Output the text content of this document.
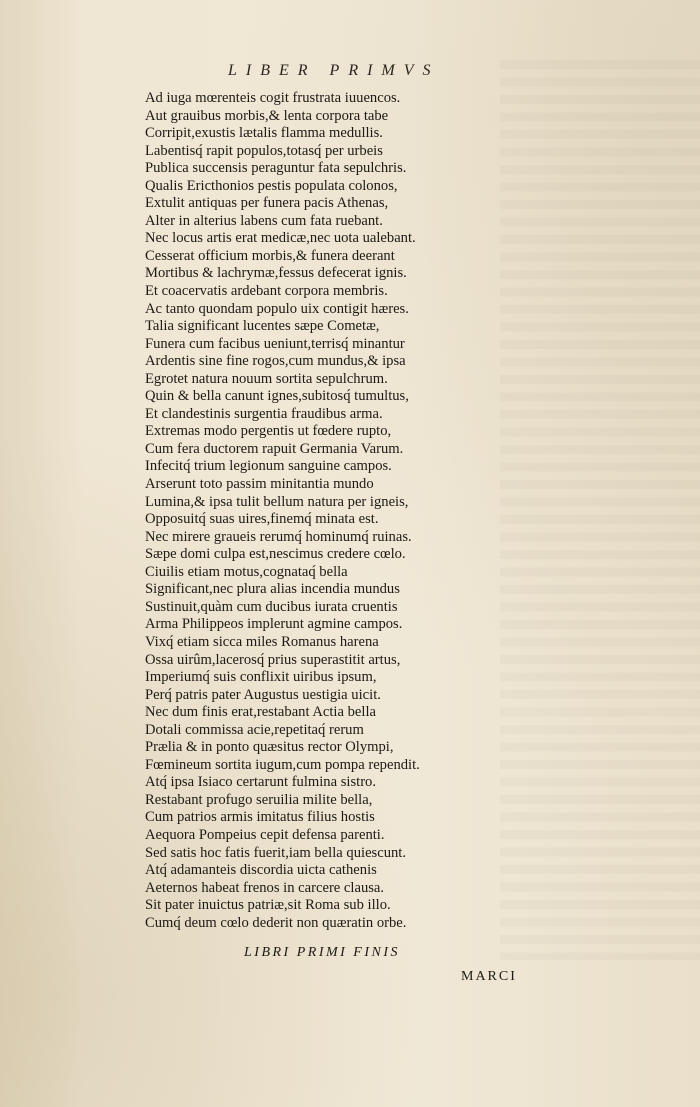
LIBER PRIMVS
Ad iuga mœrenteis cogit frustrata iuuencos.
Aut grauibus morbis,& lenta corpora tabe
Corripit,exustis lætalis flamma medullis.
Labentisq́ rapit populos,totasq́ per urbeis
Publica succensis peraguntur fata sepulchris.
Qualis Ericthonios pestis populata colonos,
Extulit antiquas per funera pacis Athenas,
Alter in alterius labens cum fata ruebant.
Nec locus artis erat medicæ,nec uota ualebant.
Cesserat officium morbis,& funera deerant
Mortibus & lachrymæ,fessus defecerat ignis.
Et coacervatis ardebant corpora membris.
Ac tanto quondam populo uix contigit hæres.
Talia significant lucentes sæpe Cometæ,
Funera cum facibus ueniunt,terrisq́ minantur
Ardentis sine fine rogos,cum mundus,& ipsa
Egrotet natura nouum sortita sepulchrum.
Quin & bella canunt ignes,subitosq́ tumultus,
Et clandestinis surgentia fraudibus arma.
Extremas modo pergentis ut fœdere rupto,
Cum fera ductorem rapuit Germania Varum.
Infecitq́ trium legionum sanguine campos.
Arserunt toto passim minitantia mundo
Lumina,& ipsa tulit bellum natura per igneis,
Opposuitq́ suas uires,finemq́ minata est.
Nec mirere graueis rerumq́ hominumq́ ruinas.
Sæpe domi culpa est,nescimus credere cœlo.
Ciuilis etiam motus,cognataq́ bella
Significant,nec plura alias incendia mundus
Sustinuit,quàm cum ducibus iurata cruentis
Arma Philippeos implerunt agmine campos.
Vixq́ etiam sicca miles Romanus harena
Ossa uirûm,lacerosq́ prius superastitit artus,
Imperiumq́ suis conflixit uiribus ipsum,
Perq́ patris pater Augustus uestigia uicit.
Nec dum finis erat,restabant Actia bella
Dotali commissa acie,repetitaq́ rerum
Prælia & in ponto quæsitus rector Olympi,
Fœmineum sortita iugum,cum pompa rependit.
Atq́ ipsa Isiaco certarunt fulmina sistro.
Restabant profugo seruilia milite bella,
Cum patrios armis imitatus filius hostis
Aequora Pompeius cepit defensa parenti.
Sed satis hoc fatis fuerit,iam bella quiescunt.
Atq́ adamanteis discordia uicta cathenis
Aeternos habeat frenos in carcere clausa.
Sit pater inuictus patriæ,sit Roma sub illo.
Cumq́ deum cœlo dederit non quæratin orbe.
LIBRI PRIMI FINIS
MARCI
